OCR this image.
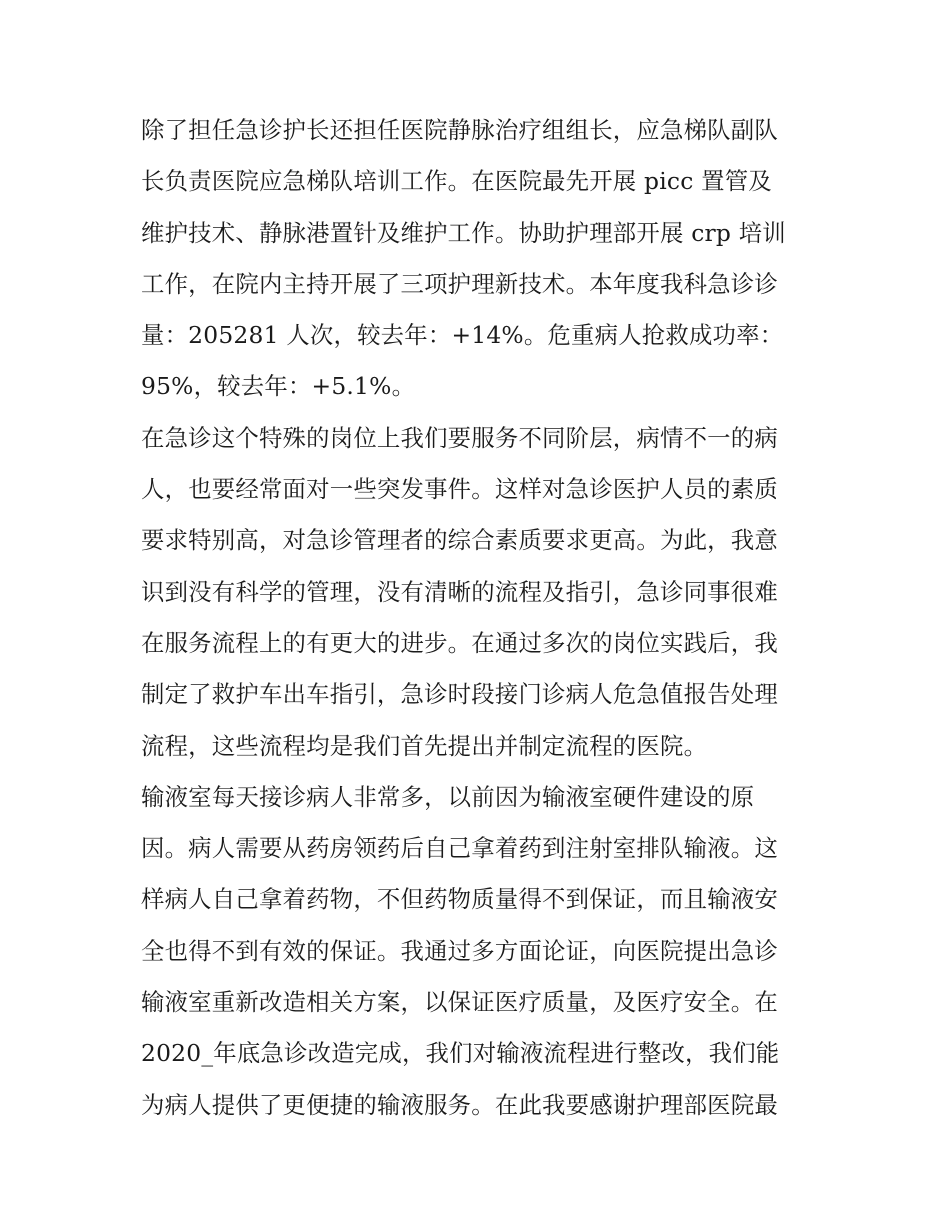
除了担任急诊护长还担任医院静脉治疗组组长，应急梯队副队
长负责医院应急梯队培训工作。在医院最先开展 picc 置管及
维护技术、静脉港置针及维护工作。协助护理部开展 crp 培训
工作，在院内主持开展了三项护理新技术。本年度我科急诊诊
量：205281 人次，较去年：+14%。危重病人抢救成功率：
95%，较去年：+5.1%。
在急诊这个特殊的岗位上我们要服务不同阶层，病情不一的病
人，也要经常面对一些突发事件。这样对急诊医护人员的素质
要求特别高，对急诊管理者的综合素质要求更高。为此，我意
识到没有科学的管理，没有清晰的流程及指引，急诊同事很难
在服务流程上的有更大的进步。在通过多次的岗位实践后，我
制定了救护车出车指引，急诊时段接门诊病人危急值报告处理
流程，这些流程均是我们首先提出并制定流程的医院。
输液室每天接诊病人非常多，以前因为输液室硬件建设的原
因。病人需要从药房领药后自己拿着药到注射室排队输液。这
样病人自己拿着药物，不但药物质量得不到保证，而且输液安
全也得不到有效的保证。我通过多方面论证，向医院提出急诊
输液室重新改造相关方案，以保证医疗质量，及医疗安全。在
2020_年底急诊改造完成，我们对输液流程进行整改，我们能
为病人提供了更便捷的输液服务。在此我要感谢护理部医院最
